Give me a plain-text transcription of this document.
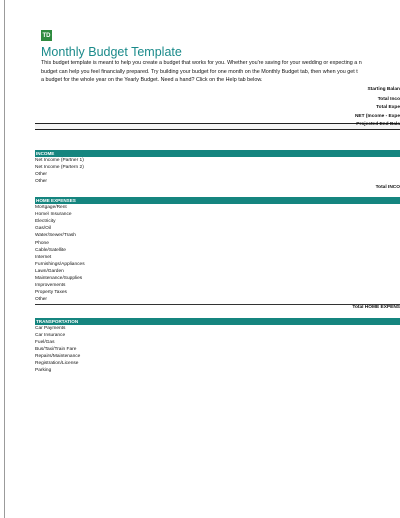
TD
Monthly Budget Template
This budget template is meant to help you create a budget that works for you. Whether you're saving for your wedding or expecting a n
budget can help you feel financially prepared. Try building your budget for one month on the Monthly Budget tab, then when you get t
a budget for the whole year on the Yearly Budget. Need a hand? Click on the Help tab below.
Starting Balan
Total Inco
Total Expe
NET (Income - Expe
Projected End Bala
INCOME
Net Income (Partner 1)
Net Income (Partern 2)
Other
Other
Total INCO
HOME EXPENSES
Mortgage/Rent
Home\ Insurance
Electricity
Gas/Oil
Water/Sewer/Trash
Phone
Cable/Satellite
Internet
Furnishings/Appliances
Lawn/Garden
Maintenance/Supplies
Improvements
Property Taxes
Other
Total HOME EXPENS
TRANSPORTATION
Car Payments
Car Insurance
Fuel/Gas
Bus/Taxi/Train Fare
Repairs/Maintenance
Registration/License
Parking
